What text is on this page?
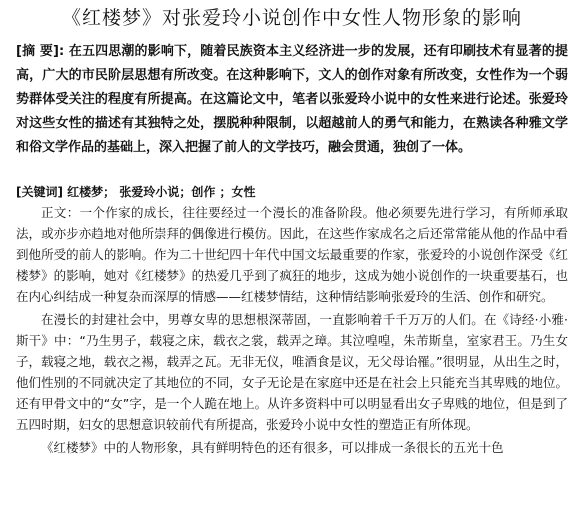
《红楼梦》对张爱玲小说创作中女性人物形象的影响

[摘 要]: 在五四思潮的影响下，随着民族资本主义经济进一步的发展，还有印刷技术有显著的提高，广大的市民阶层思想有所改变。在这种影响下，文人的创作对象有所改变，女性作为一个弱势群体受关注的程度有所提高。在这篇论文中，笔者以张爱玲小说中的女性来进行论述。张爱玲对这些女性的描述有其独特之处，摆脱种种限制，以超越前人的勇气和能力，在熟读各种雅文学和俗文学作品的基础上，深入把握了前人的文学技巧，融会贯通，独创了一体。

[关键词] 红楼梦； 张爱玲小说；创作 ；女性

正文：一个作家的成长，往往要经过一个漫长的准备阶段。他必须要先进行学习，有所师承取法，或亦步亦趋地对他所崇拜的偶像进行模仿。因此，在这些作家成名之后还常常能从他的作品中看到他所受的前人的影响。作为二十世纪四十年代中国文坛最重要的作家，张爱玲的小说创作深受《红楼梦》的影响，她对《红楼梦》的热爱几乎到了疯狂的地步，这成为她小说创作的一块重要基石，也在内心纠结成一种复杂而深厚的情感——红楼梦情结，这种情结影响张爱玲的生活、创作和研究。

在漫长的封建社会中，男尊女卑的思想根深蒂固，一直影响着千千万万的人们。在《诗经·小雅·斯干》中：“乃生男子，载寝之床，载衣之裳，载弄之璋。其泣喤喤，朱芾斯皇，室家君王。乃生女子，载寝之地，载衣之裼，载弄之瓦。无非无仪，唯酒食是议，无父母诒罹。”很明显，从出生之时，他们性别的不同就决定了其地位的不同，女子无论是在家庭中还是在社会上只能充当其卑贱的地位。还有甲骨文中的“女”字，是一个人跪在地上。从许多资料中可以明显看出女子卑贱的地位，但是到了五四时期，妇女的思想意识较前代有所提高，张爱玲小说中女性的塑造正有所体现。

《红楼梦》中的人物形象，具有鲜明特色的还有很多，可以排成一条很长的五光十色
